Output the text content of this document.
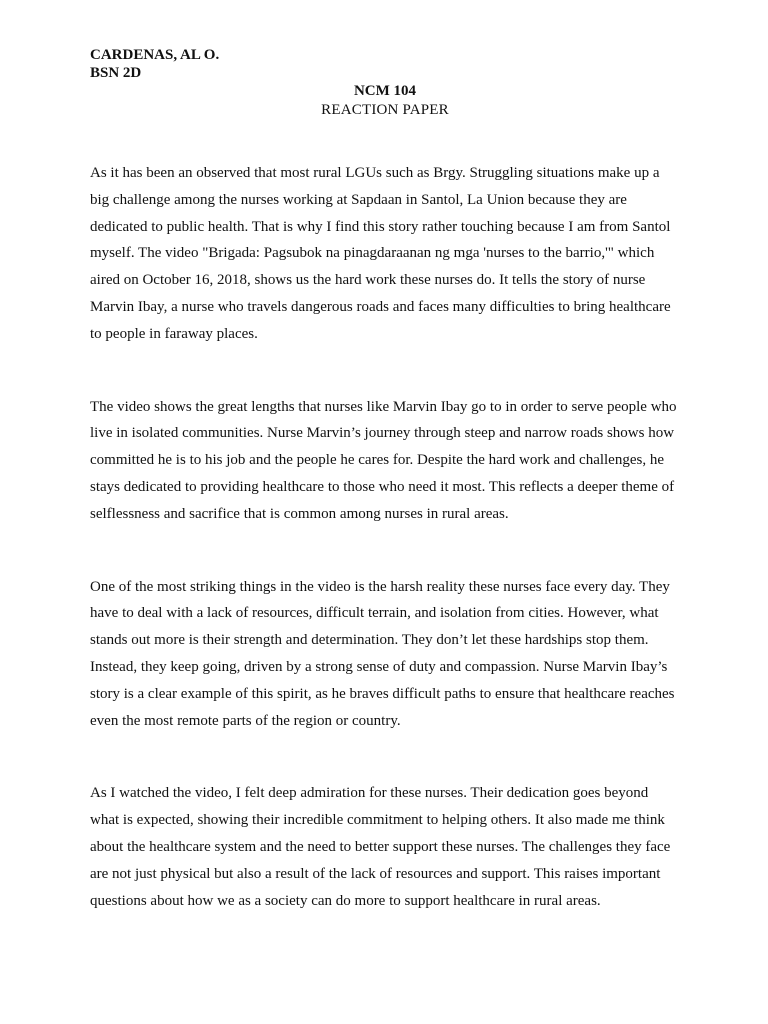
CARDENAS, AL O.

BSN 2D

NCM 104

REACTION PAPER

As it has been an observed that most rural LGUs such as Brgy. Struggling situations make up a big challenge among the nurses working at Sapdaan in Santol, La Union because they are dedicated to public health. That is why I find this story rather touching because I am from Santol myself. The video "Brigada: Pagsubok na pinagdaraanan ng mga 'nurses to the barrio,'" which aired on October 16, 2018, shows us the hard work these nurses do. It tells the story of nurse Marvin Ibay, a nurse who travels dangerous roads and faces many difficulties to bring healthcare to people in faraway places.

The video shows the great lengths that nurses like Marvin Ibay go to in order to serve people who live in isolated communities. Nurse Marvin’s journey through steep and narrow roads shows how committed he is to his job and the people he cares for. Despite the hard work and challenges, he stays dedicated to providing healthcare to those who need it most. This reflects a deeper theme of selflessness and sacrifice that is common among nurses in rural areas.

One of the most striking things in the video is the harsh reality these nurses face every day. They have to deal with a lack of resources, difficult terrain, and isolation from cities. However, what stands out more is their strength and determination. They don’t let these hardships stop them. Instead, they keep going, driven by a strong sense of duty and compassion. Nurse Marvin Ibay’s story is a clear example of this spirit, as he braves difficult paths to ensure that healthcare reaches even the most remote parts of the region or country.

As I watched the video, I felt deep admiration for these nurses. Their dedication goes beyond what is expected, showing their incredible commitment to helping others. It also made me think about the healthcare system and the need to better support these nurses. The challenges they face are not just physical but also a result of the lack of resources and support. This raises important questions about how we as a society can do more to support healthcare in rural areas.
